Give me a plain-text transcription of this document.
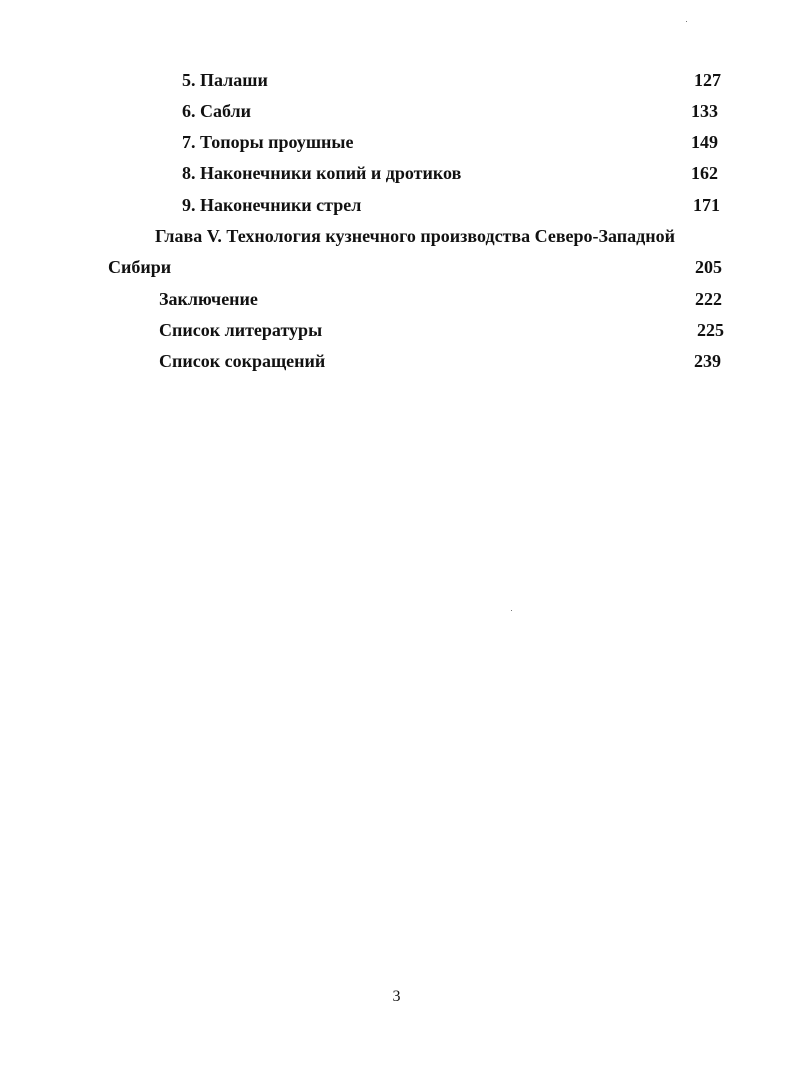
5. Палаши	127
6. Сабли	133
7. Топоры проушные	149
8. Наконечники копий и дротиков	162
9. Наконечники стрел	171
Глава V. Технология кузнечного производства Северо-Западной
Сибири	205
Заключение	222
Список литературы	225
Список сокращений	239
3
